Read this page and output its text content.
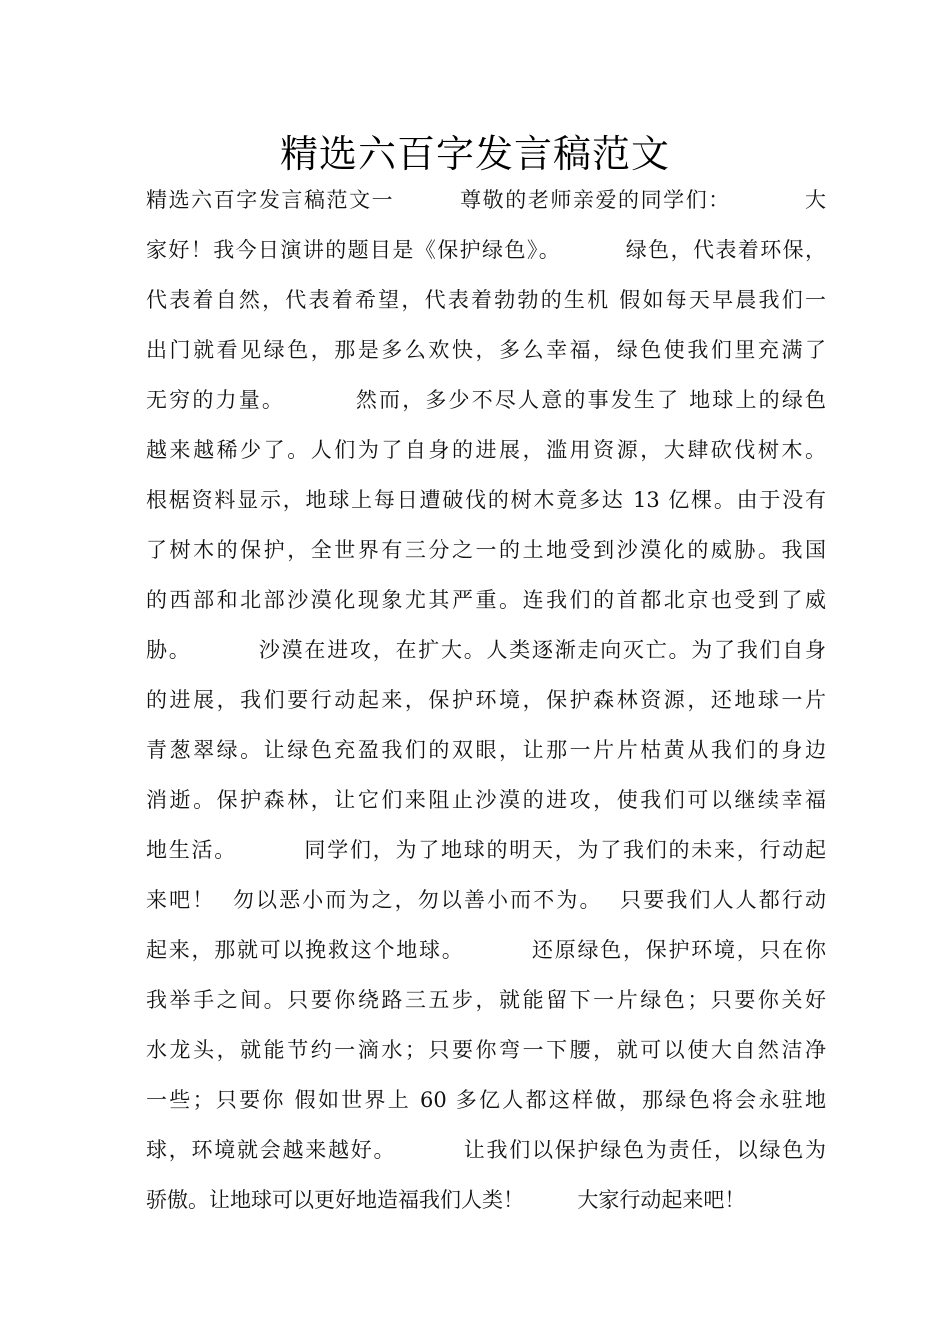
精选六百字发言稿范文
精选六百字发言稿范文一        尊敬的老师亲爱的同学们：         大
家好！我今日演讲的题目是《保护绿色》。        绿色，代表着环保，
代表着自然，代表着希望，代表着勃勃的生机 假如每天早晨我们一
出门就看见绿色，那是多么欢快，多么幸福，绿色使我们里充满了
无穷的力量。        然而，多少不尽人意的事发生了 地球上的绿色
越来越稀少了。人们为了自身的进展，滥用资源，大肆砍伐树木。
根椐资料显示，地球上每日遭破伐的树木竟多达 13 亿棵。由于没有
了树木的保护，全世界有三分之一的土地受到沙漠化的威胁。我国
的西部和北部沙漠化现象尤其严重。连我们的首都北京也受到了威
胁。        沙漠在进攻，在扩大。人类逐渐走向灭亡。为了我们自身
的进展，我们要行动起来，保护环境，保护森林资源，还地球一片
青葱翠绿。让绿色充盈我们的双眼，让那一片片枯黄从我们的身边
消逝。保护森林，让它们来阻止沙漠的进攻，使我们可以继续幸福
地生活。        同学们，为了地球的明天，为了我们的未来，行动起
来吧！  勿以恶小而为之，勿以善小而不为。  只要我们人人都行动
起来，那就可以挽救这个地球。        还原绿色，保护环境，只在你
我举手之间。只要你绕路三五步，就能留下一片绿色；只要你关好
水龙头，就能节约一滴水；只要你弯一下腰，就可以使大自然洁净
一些；只要你 假如世界上 60 多亿人都这样做，那绿色将会永驻地
球，环境就会越来越好。        让我们以保护绿色为责任，以绿色为
骄傲。让地球可以更好地造福我们人类！        大家行动起来吧！
